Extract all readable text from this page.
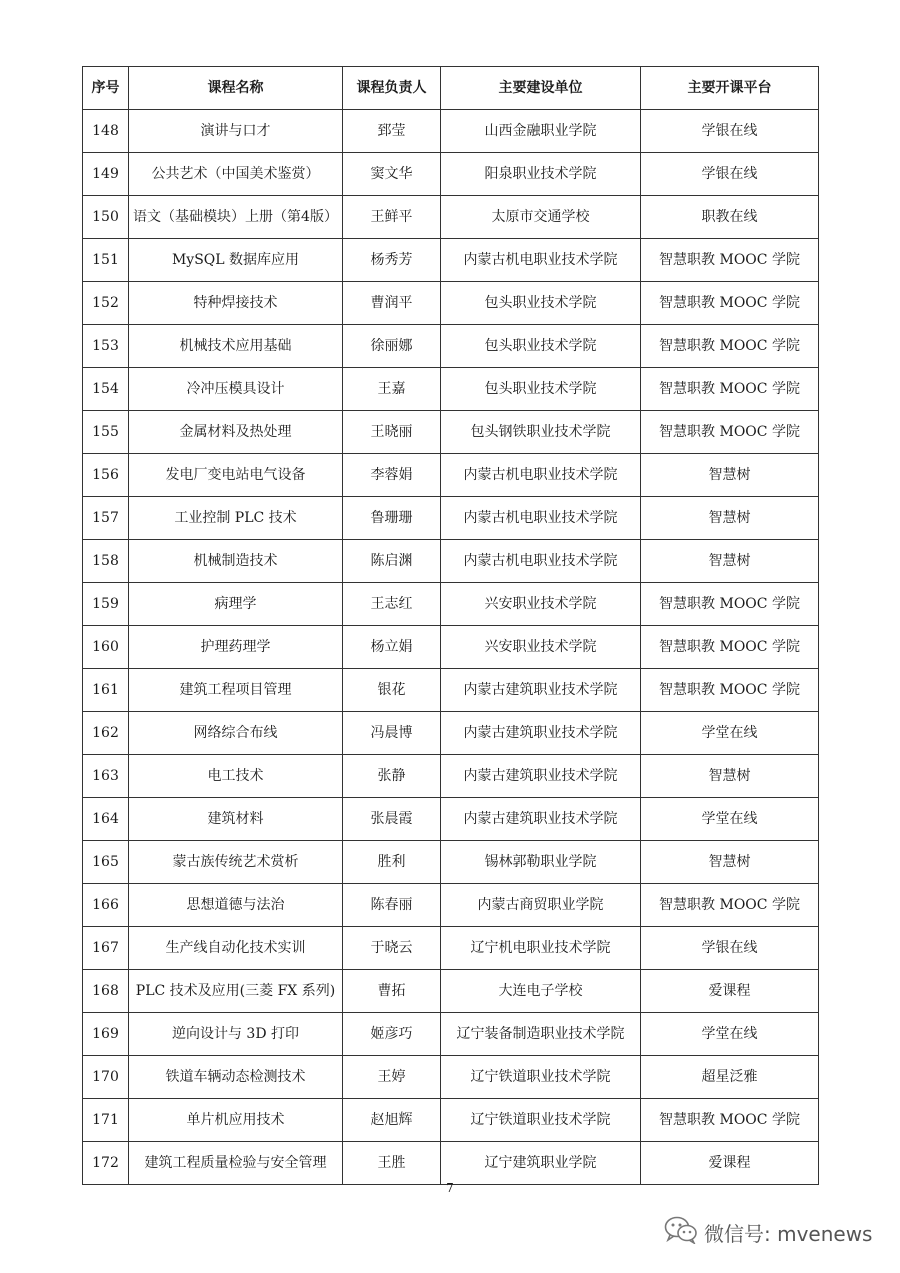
序号	课程名称	课程负责人	主要建设单位	主要开课平台
148	演讲与口才	郅莹	山西金融职业学院	学银在线
149	公共艺术（中国美术鉴赏）	窦文华	阳泉职业技术学院	学银在线
150	语文（基础模块）上册（第4版）	王鲜平	太原市交通学校	职教在线
151	MySQL 数据库应用	杨秀芳	内蒙古机电职业技术学院	智慧职教 MOOC 学院
152	特种焊接技术	曹润平	包头职业技术学院	智慧职教 MOOC 学院
153	机械技术应用基础	徐丽娜	包头职业技术学院	智慧职教 MOOC 学院
154	冷冲压模具设计	王嘉	包头职业技术学院	智慧职教 MOOC 学院
155	金属材料及热处理	王晓丽	包头钢铁职业技术学院	智慧职教 MOOC 学院
156	发电厂变电站电气设备	李蓉娟	内蒙古机电职业技术学院	智慧树
157	工业控制 PLC 技术	鲁珊珊	内蒙古机电职业技术学院	智慧树
158	机械制造技术	陈启渊	内蒙古机电职业技术学院	智慧树
159	病理学	王志红	兴安职业技术学院	智慧职教 MOOC 学院
160	护理药理学	杨立娟	兴安职业技术学院	智慧职教 MOOC 学院
161	建筑工程项目管理	银花	内蒙古建筑职业技术学院	智慧职教 MOOC 学院
162	网络综合布线	冯晨博	内蒙古建筑职业技术学院	学堂在线
163	电工技术	张静	内蒙古建筑职业技术学院	智慧树
164	建筑材料	张晨霞	内蒙古建筑职业技术学院	学堂在线
165	蒙古族传统艺术赏析	胜利	锡林郭勒职业学院	智慧树
166	思想道德与法治	陈春丽	内蒙古商贸职业学院	智慧职教 MOOC 学院
167	生产线自动化技术实训	于晓云	辽宁机电职业技术学院	学银在线
168	PLC 技术及应用(三菱 FX 系列)	曹拓	大连电子学校	爱课程
169	逆向设计与 3D 打印	姬彦巧	辽宁装备制造职业技术学院	学堂在线
170	铁道车辆动态检测技术	王婷	辽宁铁道职业技术学院	超星泛雅
171	单片机应用技术	赵旭辉	辽宁铁道职业技术学院	智慧职教 MOOC 学院
172	建筑工程质量检验与安全管理	王胜	辽宁建筑职业学院	爱课程
7
微信号: mvenews
